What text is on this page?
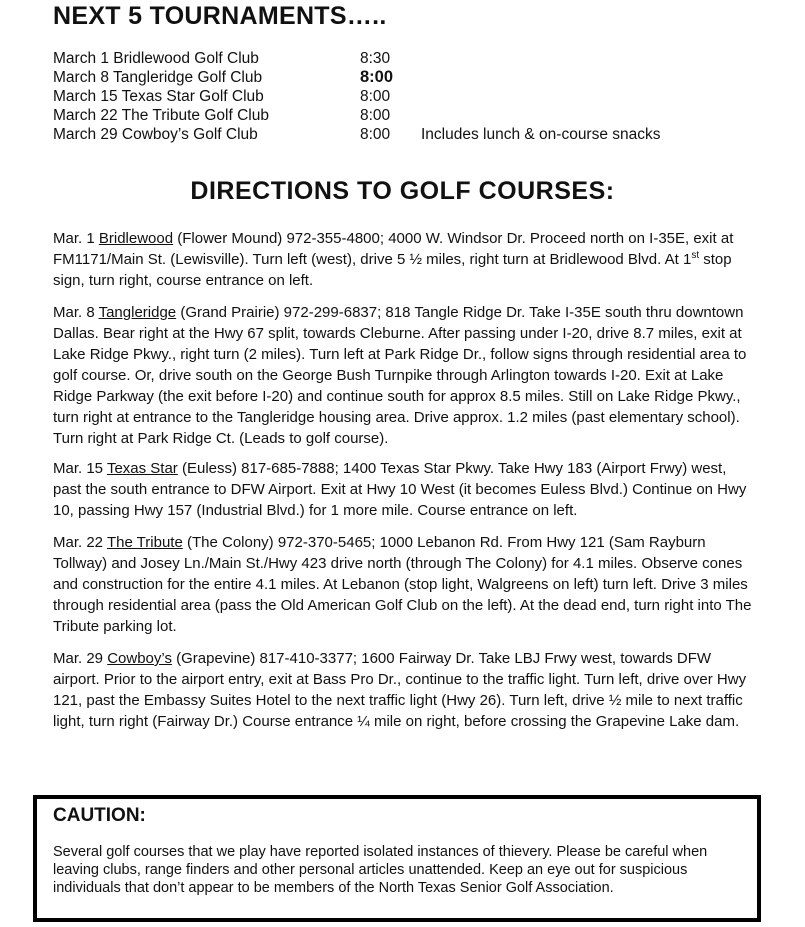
NEXT 5 TOURNAMENTS…..
March 1 Bridlewood Golf Club	8:30
March 8 Tangleridge Golf Club	8:00
March 15 Texas Star Golf Club	8:00
March 22 The Tribute Golf Club	8:00
March 29 Cowboy’s Golf Club	8:00 Includes lunch & on-course snacks
DIRECTIONS TO GOLF COURSES:

Mar. 1 Bridlewood (Flower Mound) 972-355-4800; 4000 W. Windsor Dr. Proceed north on I-35E, exit at FM1171/Main St. (Lewisville). Turn left (west), drive 5 ½ miles, right turn at Bridlewood Blvd. At 1st stop sign, turn right, course entrance on left.

Mar. 8 Tangleridge (Grand Prairie) 972-299-6837; 818 Tangle Ridge Dr. Take I-35E south thru downtown Dallas. Bear right at the Hwy 67 split, towards Cleburne. After passing under I-20, drive 8.7 miles, exit at Lake Ridge Pkwy., right turn (2 miles). Turn left at Park Ridge Dr., follow signs through residential area to golf course. Or, drive south on the George Bush Turnpike through Arlington towards I-20. Exit at Lake Ridge Parkway (the exit before I-20) and continue south for approx 8.5 miles. Still on Lake Ridge Pkwy., turn right at entrance to the Tangleridge housing area. Drive approx. 1.2 miles (past elementary school). Turn right at Park Ridge Ct. (Leads to golf course).

Mar. 15 Texas Star (Euless) 817-685-7888; 1400 Texas Star Pkwy. Take Hwy 183 (Airport Frwy) west, past the south entrance to DFW Airport. Exit at Hwy 10 West (it becomes Euless Blvd.) Continue on Hwy 10, passing Hwy 157 (Industrial Blvd.) for 1 more mile. Course entrance on left.

Mar. 22 The Tribute (The Colony) 972-370-5465; 1000 Lebanon Rd. From Hwy 121 (Sam Rayburn Tollway) and Josey Ln./Main St./Hwy 423 drive north (through The Colony) for 4.1 miles. Observe cones and construction for the entire 4.1 miles. At Lebanon (stop light, Walgreens on left) turn left. Drive 3 miles through residential area (pass the Old American Golf Club on the left). At the dead end, turn right into The Tribute parking lot.

Mar. 29 Cowboy’s (Grapevine) 817-410-3377; 1600 Fairway Dr. Take LBJ Frwy west, towards DFW airport. Prior to the airport entry, exit at Bass Pro Dr., continue to the traffic light. Turn left, drive over Hwy 121, past the Embassy Suites Hotel to the next traffic light (Hwy 26). Turn left, drive ½ mile to next traffic light, turn right (Fairway Dr.) Course entrance ¼ mile on right, before crossing the Grapevine Lake dam.

CAUTION:
Several golf courses that we play have reported isolated instances of thievery. Please be careful when leaving clubs, range finders and other personal articles unattended. Keep an eye out for suspicious individuals that don’t appear to be members of the North Texas Senior Golf Association.
